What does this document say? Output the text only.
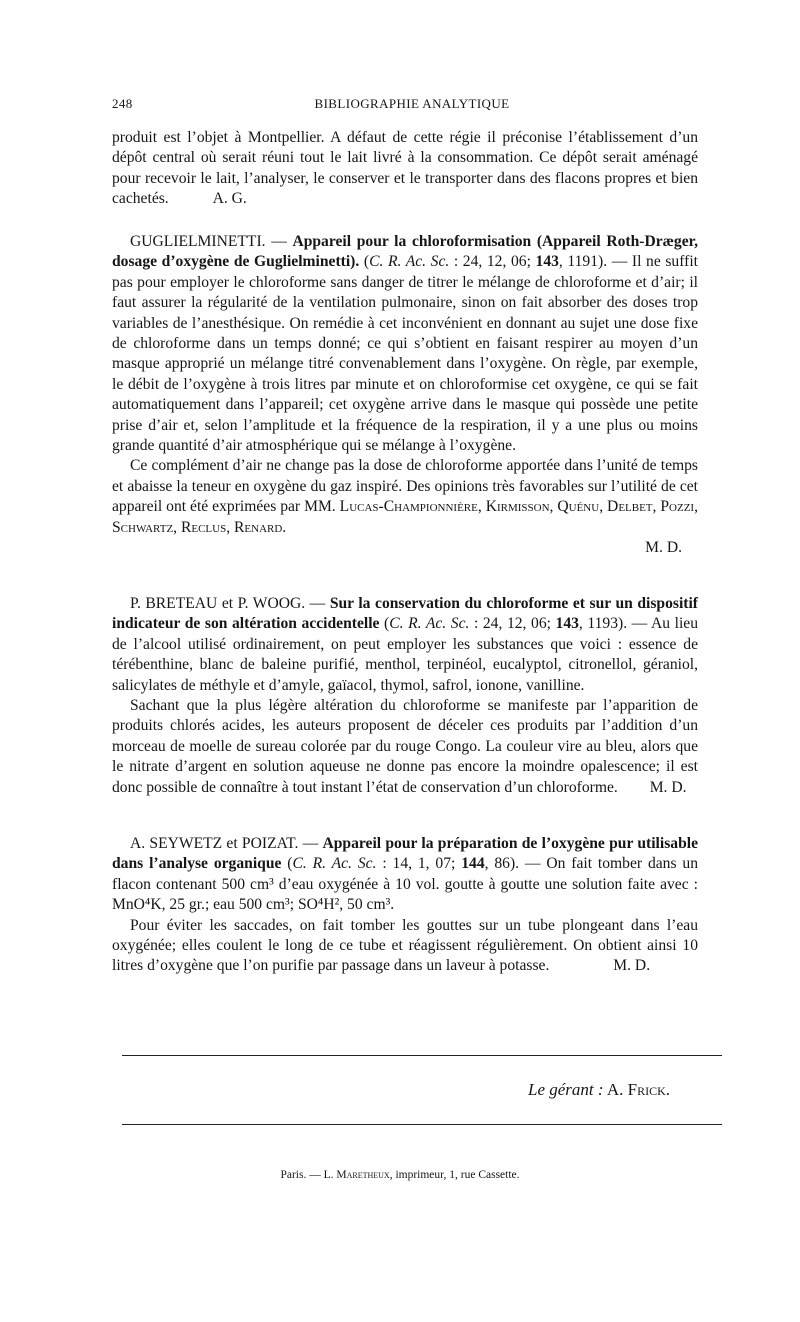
248	BIBLIOGRAPHIE ANALYTIQUE

produit est l’objet à Montpellier. A défaut de cette régie il préconise l’établissement d’un dépôt central où serait réuni tout le lait livré à la consommation. Ce dépôt serait aménagé pour recevoir le lait, l’analyser, le conserver et le transporter dans des flacons propres et bien cachetés.	A. G.

GUGLIELMINETTI. — Appareil pour la chloroformisation (Appareil Roth-Dræger, dosage d’oxygène de Guglielminetti). (C. R. Ac. Sc. : 24, 12, 06; 143, 1191). — Il ne suffit pas pour employer le chloroforme sans danger de titrer le mélange de chloroforme et d’air; il faut assurer la régularité de la ventilation pulmonaire, sinon on fait absorber des doses trop variables de l’anesthésique. On remédie à cet inconvénient en donnant au sujet une dose fixe de chloroforme dans un temps donné; ce qui s’obtient en faisant respirer au moyen d’un masque approprié un mélange titré convenablement dans l’oxygène. On règle, par exemple, le débit de l’oxygène à trois litres par minute et on chloroformise cet oxygène, ce qui se fait automatiquement dans l’appareil; cet oxygène arrive dans le masque qui possède une petite prise d’air et, selon l’amplitude et la fréquence de la respiration, il y a une plus ou moins grande quantité d’air atmosphérique qui se mélange à l’oxygène.

Ce complément d’air ne change pas la dose de chloroforme apportée dans l’unité de temps et abaisse la teneur en oxygène du gaz inspiré. Des opinions très favorables sur l’utilité de cet appareil ont été exprimées par MM. Lucas-Championnière, Kirmisson, Quénu, Delbet, Pozzi, Schwartz, Reclus, Renard.

M. D.

P. BRETEAU et P. WOOG. — Sur la conservation du chloroforme et sur un dispositif indicateur de son altération accidentelle (C. R. Ac. Sc. : 24, 12, 06; 143, 1193). — Au lieu de l’alcool utilisé ordinairement, on peut employer les substances que voici : essence de térébenthine, blanc de baleine purifié, menthol, terpinéol, eucalyptol, citronellol, géraniol, salicylates de méthyle et d’amyle, gaïacol, thymol, safrol, ionone, vanilline.

Sachant que la plus légère altération du chloroforme se manifeste par l’apparition de produits chlorés acides, les auteurs proposent de déceler ces produits par l’addition d’un morceau de moelle de sureau colorée par du rouge Congo. La couleur vire au bleu, alors que le nitrate d’argent en solution aqueuse ne donne pas encore la moindre opalescence; il est donc possible de connaître à tout instant l’état de conservation d’un chloroforme. M. D.

A. SEYWETZ et POIZAT. — Appareil pour la préparation de l’oxygène pur utilisable dans l’analyse organique (C. R. Ac. Sc. : 14, 1, 07; 144, 86). — On fait tomber dans un flacon contenant 500 cm³ d’eau oxygénée à 10 vol. goutte à goutte une solution faite avec : MnO⁴K, 25 gr.; eau 500 cm³; SO⁴H², 50 cm³.

Pour éviter les saccades, on fait tomber les gouttes sur un tube plongeant dans l’eau oxygénée; elles coulent le long de ce tube et réagissent régulièrement. On obtient ainsi 10 litres d’oxygène que l’on purifie par passage dans un laveur à potasse.	M. D.

Le gérant : A. Frick.
Paris. — L. Maretheux, imprimeur, 1, rue Cassette.
